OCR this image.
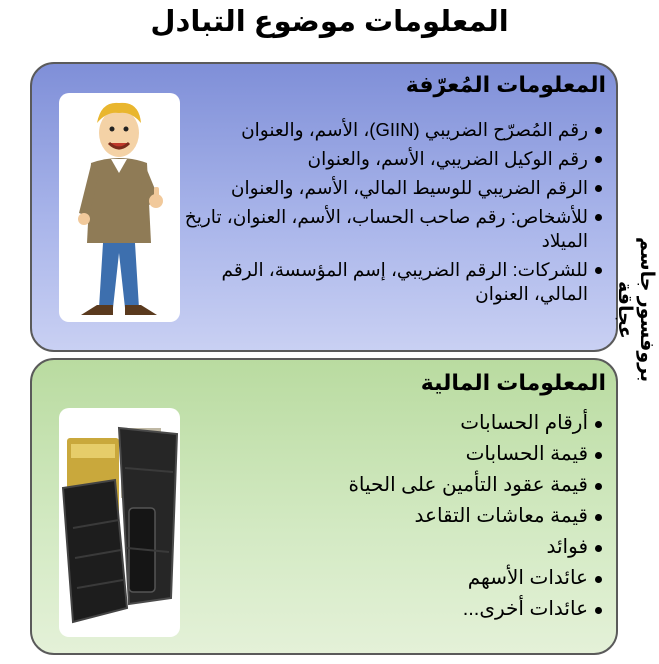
المعلومات موضوع التبادل
المعلومات المُعرّفة
رقم المُصرّح الضريبي (GIIN)، الأسم، والعنوان
رقم الوكيل الضريبي، الأسم، والعنوان
الرقم الضريبي للوسيط المالي، الأسم، والعنوان
للأشخاص: رقم صاحب الحساب، الأسم، العنوان، تاريخ الميلاد
للشركات: الرقم الضريبي، إسم المؤسسة، الرقم المالي، العنوان
المعلومات المالية
أرقام الحسابات
قيمة الحسابات
قيمة عقود التأمين على الحياة
قيمة معاشات التقاعد
فوائد
عائدات الأسهم
عائدات أخرى...
بروفسور جاسم عجاقة
